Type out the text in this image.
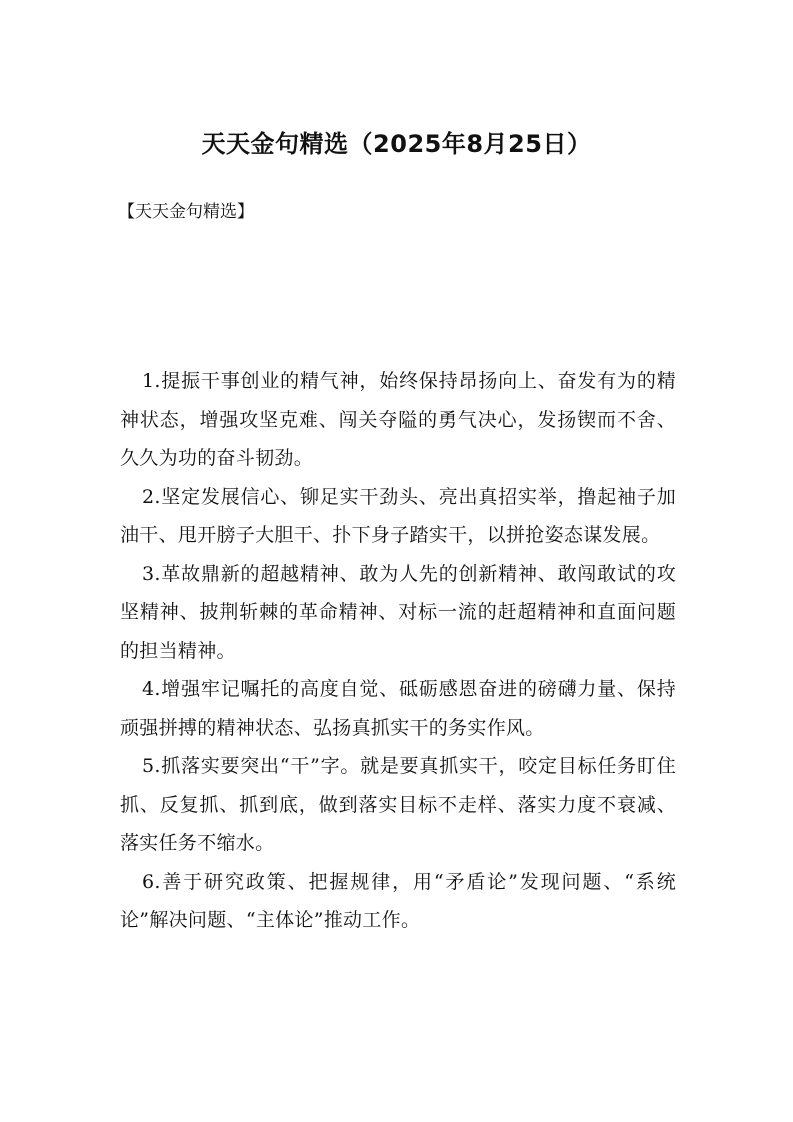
天天金句精选（2025年8月25日）

【天天金句精选】

1.提振干事创业的精气神，始终保持昂扬向上、奋发有为的精神状态，增强攻坚克难、闯关夺隘的勇气决心，发扬锲而不舍、久久为功的奋斗韧劲。

2.坚定发展信心、铆足实干劲头、亮出真招实举，撸起袖子加油干、甩开膀子大胆干、扑下身子踏实干，以拼抢姿态谋发展。

3.革故鼎新的超越精神、敢为人先的创新精神、敢闯敢试的攻坚精神、披荆斩棘的革命精神、对标一流的赶超精神和直面问题的担当精神。

4.增强牢记嘱托的高度自觉、砥砺感恩奋进的磅礴力量、保持顽强拼搏的精神状态、弘扬真抓实干的务实作风。

5.抓落实要突出“干”字。就是要真抓实干，咬定目标任务盯住抓、反复抓、抓到底，做到落实目标不走样、落实力度不衰减、落实任务不缩水。

6.善于研究政策、把握规律，用“矛盾论”发现问题、“系统论”解决问题、“主体论”推动工作。
